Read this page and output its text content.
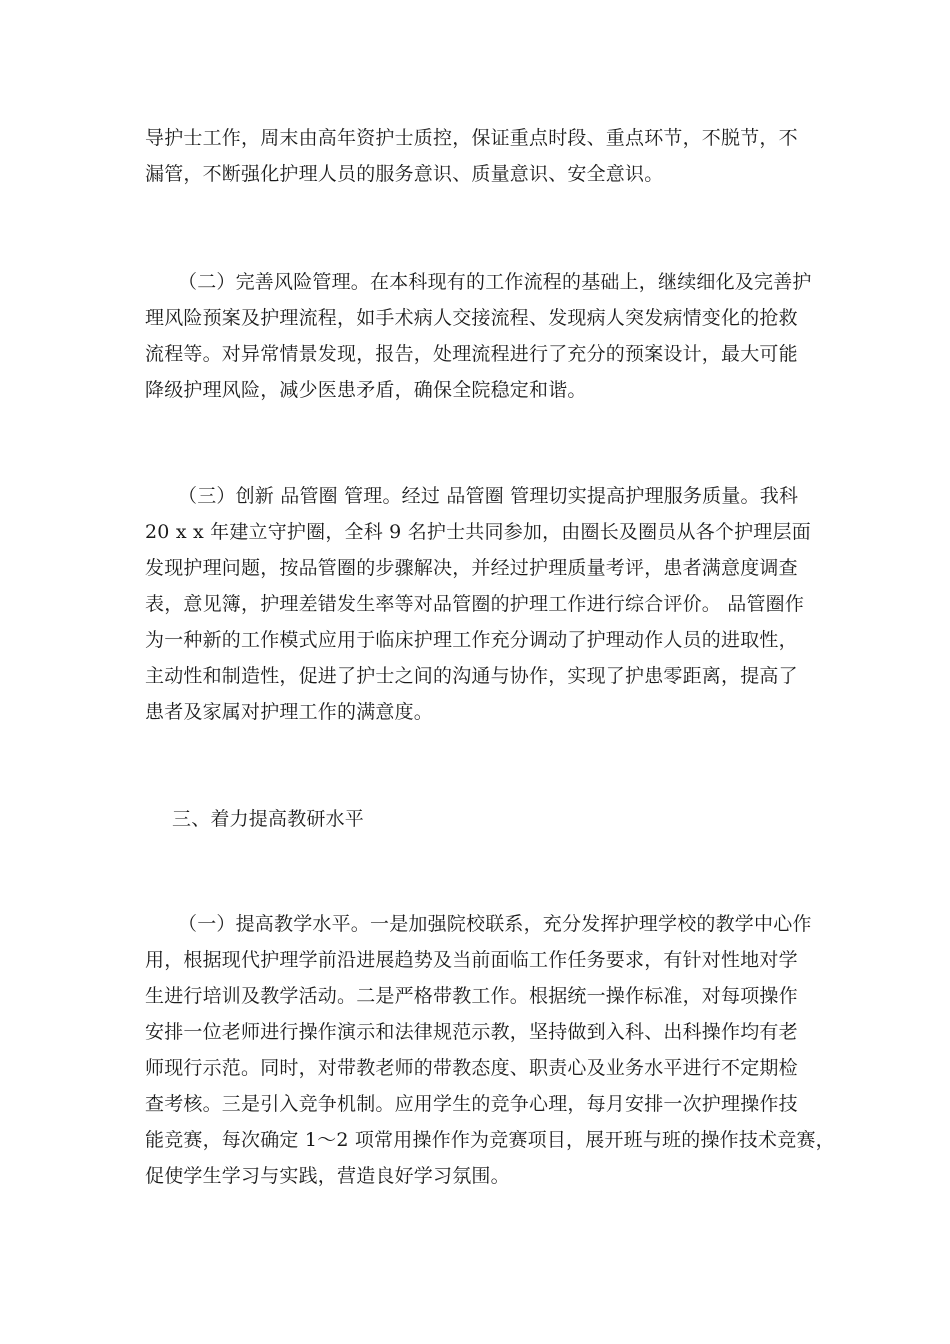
导护士工作，周末由高年资护士质控，保证重点时段、重点环节，不脱节，不
漏管，不断强化护理人员的服务意识、质量意识、安全意识。
（二）完善风险管理。在本科现有的工作流程的基础上，继续细化及完善护
理风险预案及护理流程，如手术病人交接流程、发现病人突发病情变化的抢救
流程等。对异常情景发现，报告，处理流程进行了充分的预案设计，最大可能
降级护理风险，减少医患矛盾，确保全院稳定和谐。
（三）创新 品管圈 管理。经过 品管圈 管理切实提高护理服务质量。我科
20 x x 年建立守护圈，全科 9 名护士共同参加，由圈长及圈员从各个护理层面
发现护理问题，按品管圈的步骤解决，并经过护理质量考评，患者满意度调查
表，意见簿，护理差错发生率等对品管圈的护理工作进行综合评价。 品管圈作
为一种新的工作模式应用于临床护理工作充分调动了护理动作人员的进取性，
主动性和制造性，促进了护士之间的沟通与协作，实现了护患零距离，提高了
患者及家属对护理工作的满意度。
三、着力提高教研水平
（一）提高教学水平。一是加强院校联系，充分发挥护理学校的教学中心作
用，根据现代护理学前沿进展趋势及当前面临工作任务要求，有针对性地对学
生进行培训及教学活动。二是严格带教工作。根据统一操作标准，对每项操作
安排一位老师进行操作演示和法律规范示教，坚持做到入科、出科操作均有老
师现行示范。同时，对带教老师的带教态度、职责心及业务水平进行不定期检
查考核。三是引入竞争机制。应用学生的竞争心理，每月安排一次护理操作技
能竞赛，每次确定 1～2 项常用操作作为竞赛项目，展开班与班的操作技术竞赛，
促使学生学习与实践，营造良好学习氛围。
